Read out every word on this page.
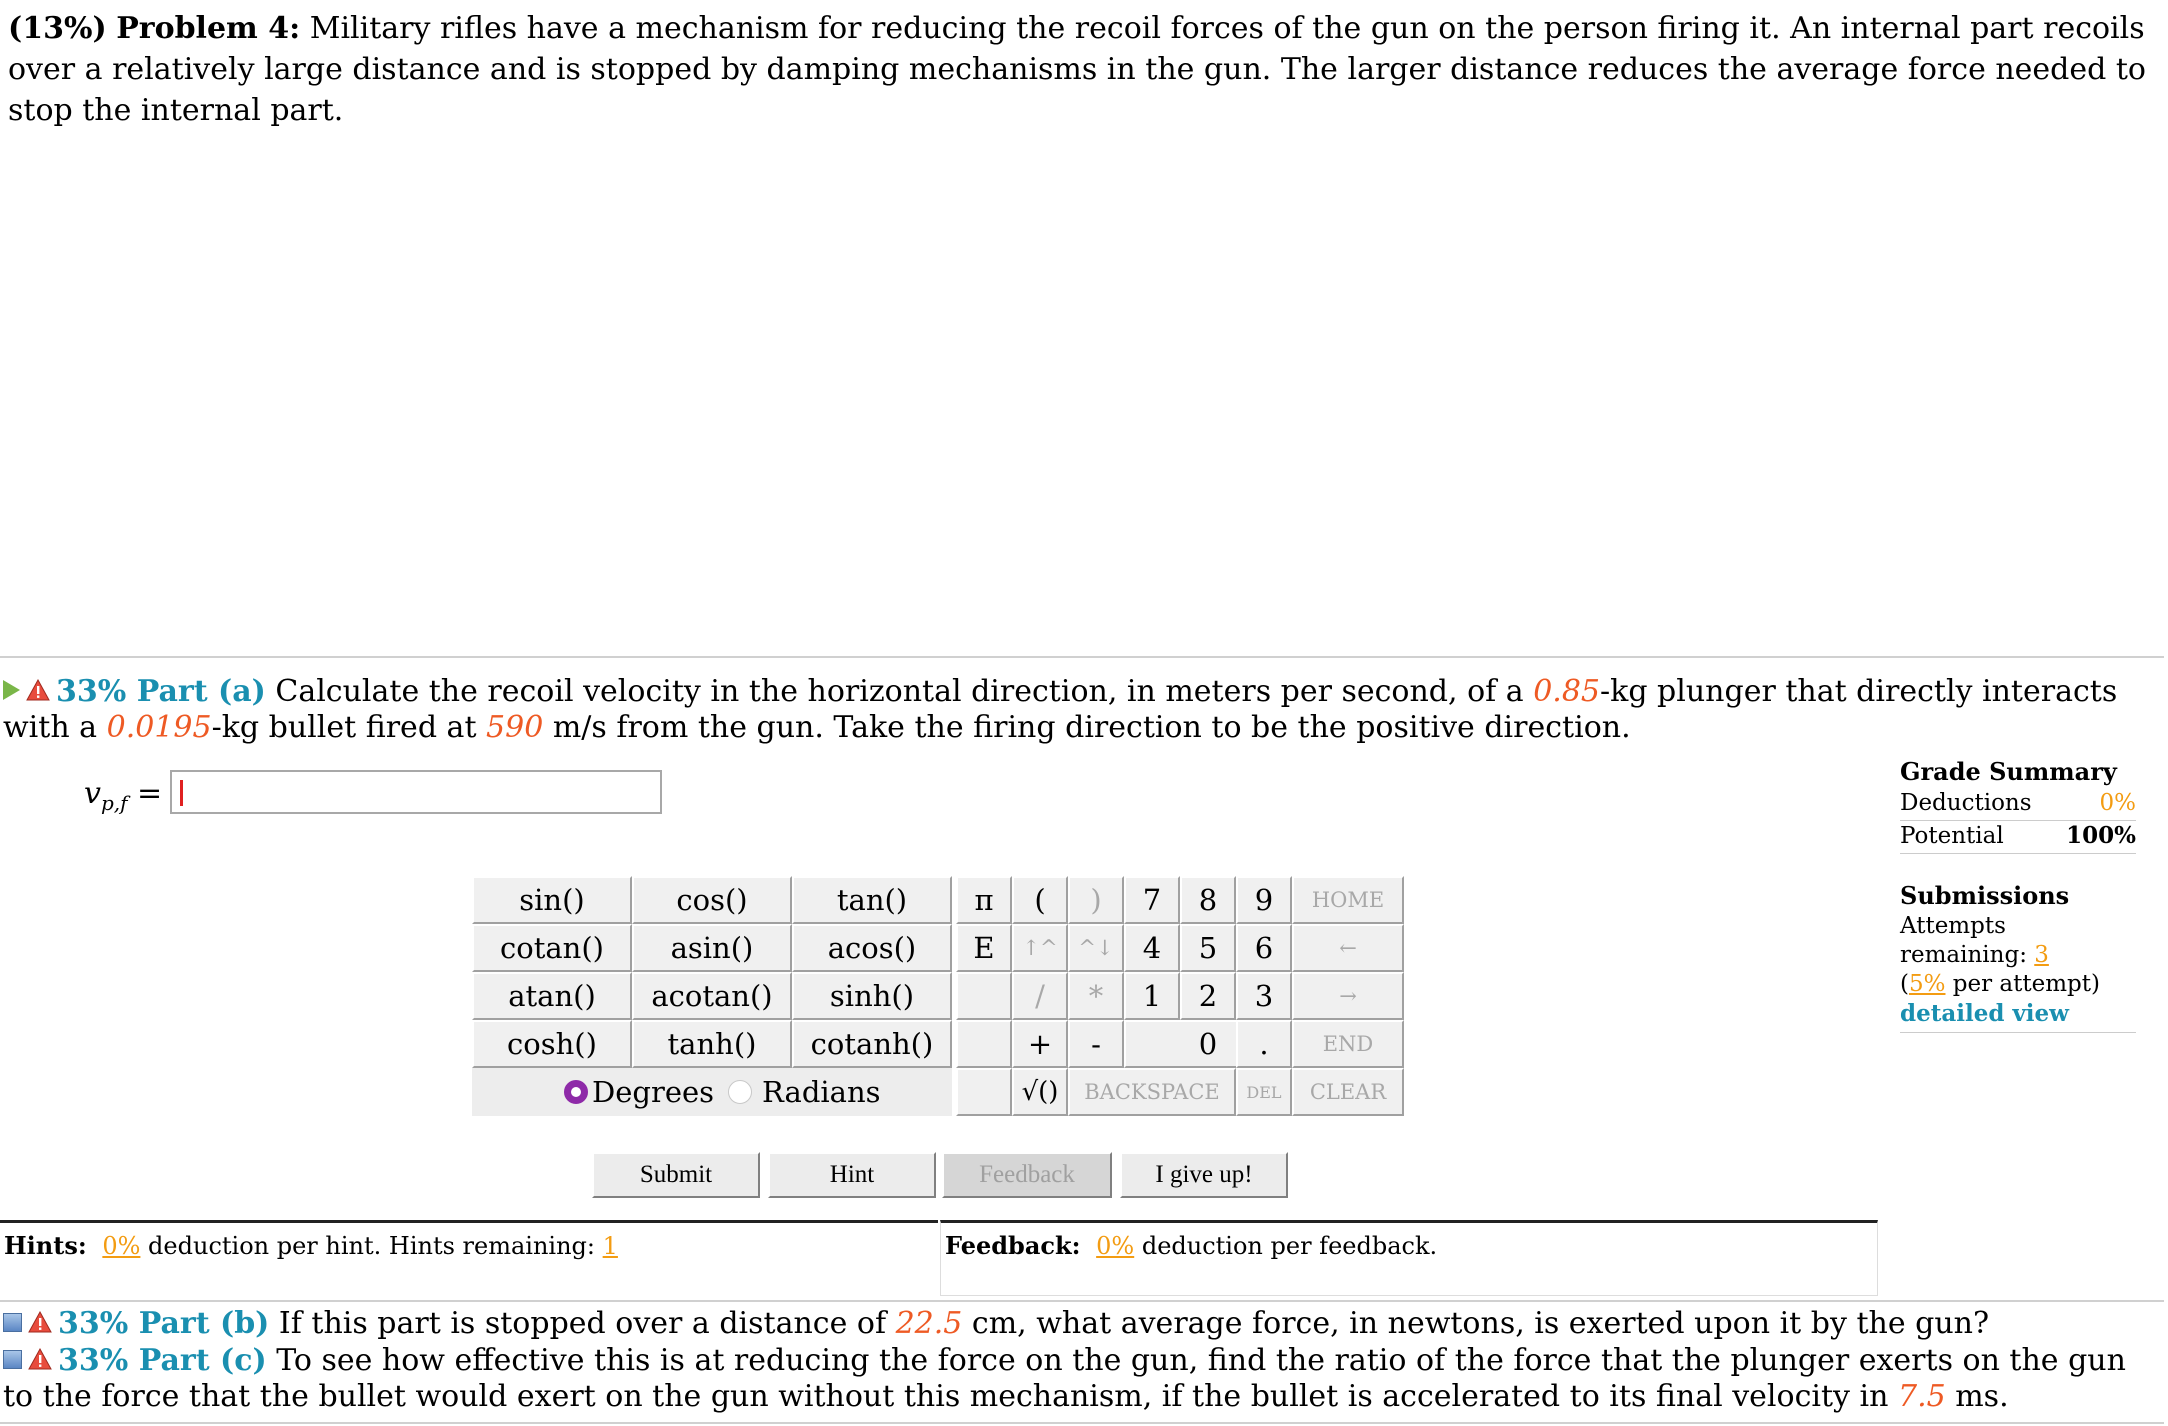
(13%) Problem 4: Military rifles have a mechanism for reducing the recoil forces of the gun on the person firing it. An internal part recoils over a relatively large distance and is stopped by damping mechanisms in the gun. The larger distance reduces the average force needed to stop the internal part.
33% Part (a) Calculate the recoil velocity in the horizontal direction, in meters per second, of a 0.85-kg plunger that directly interacts with a 0.0195-kg bullet fired at 590 m/s from the gun. Take the firing direction to be the positive direction.
$v_{p,f}$ =
Grade Summary
Deductions	0%
Potential	100%
Submissions
Attempts remaining: 3
(5% per attempt)
detailed view
sin()	cos()	tan()
cotan()	asin()	acos()
atan()	acotan()	sinh()
cosh()	tanh()	cotanh()
Degrees Radians
π	(	)	7	8	9	HOME
E	↑^ ^↓	4	5	6	←
/	*	1	2	3	→
+	-	0	.	END
√()	BACKSPACE	DEL	CLEAR
Submit	Hint	Feedback	I give up!
Hints: 0% deduction per hint. Hints remaining: 1	Feedback: 0% deduction per feedback.
33% Part (b) If this part is stopped over a distance of 22.5 cm, what average force, in newtons, is exerted upon it by the gun?
33% Part (c) To see how effective this is at reducing the force on the gun, find the ratio of the force that the plunger exerts on the gun to the force that the bullet would exert on the gun without this mechanism, if the bullet is accelerated to its final velocity in 7.5 ms.
